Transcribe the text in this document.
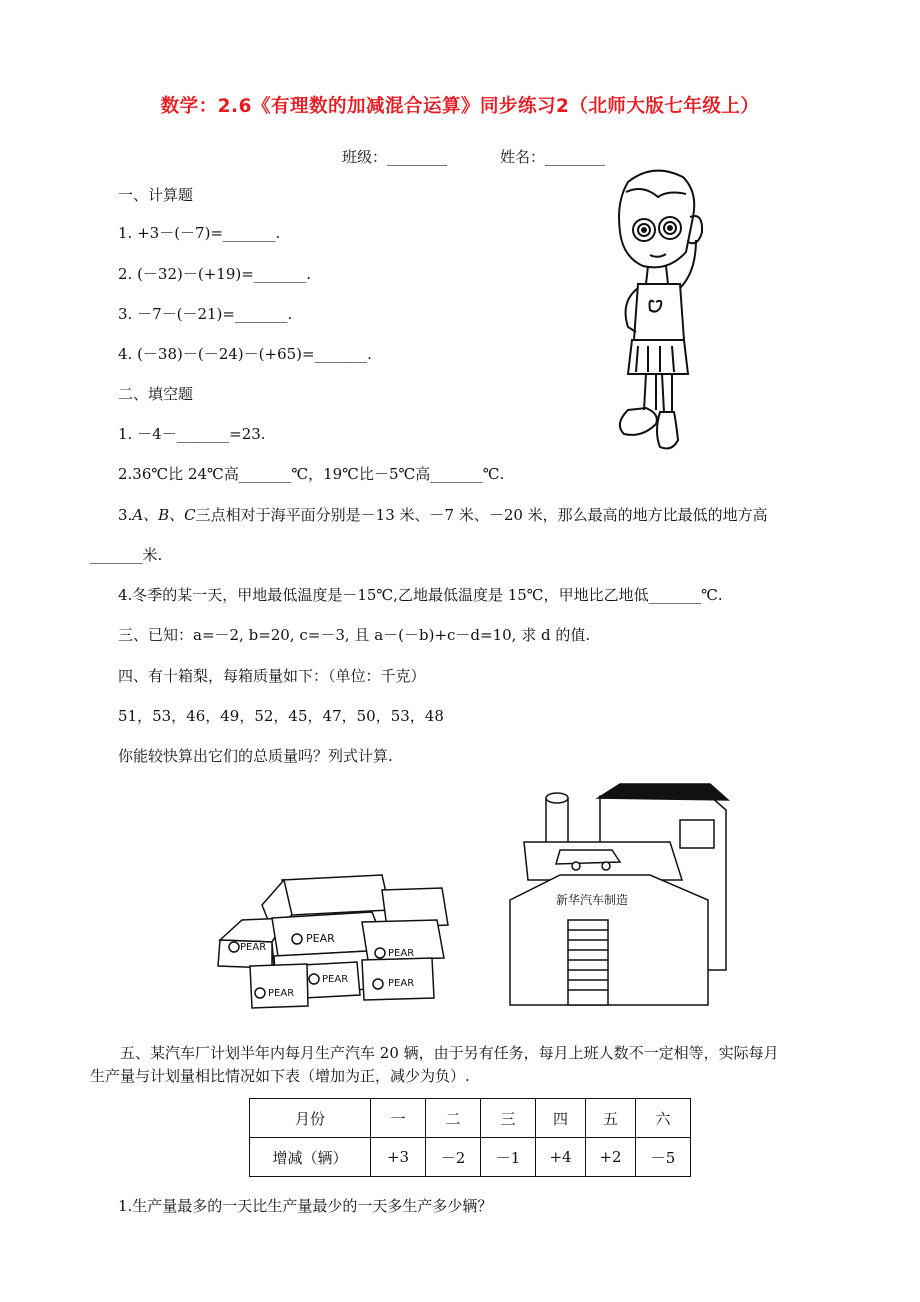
数学：2.6《有理数的加减混合运算》同步练习2（北师大版七年级上）
班级：________	姓名：________
一、计算题
1. +3－(－7)=_______.
2. (－32)－(+19)=_______.
3. －7－(－21)=_______.
4. (－38)－(－24)－(+65)=_______.
二、填空题
1. －4－_______=23.
2.36℃比 24℃高_______℃，19℃比－5℃高_______℃.
3.A、B、C三点相对于海平面分别是－13 米、－7 米、－20 米，那么最高的地方比最低的地方高
_______米.
4.冬季的某一天，甲地最低温度是－15℃,乙地最低温度是 15℃，甲地比乙地低_______℃.
三、已知：a=－2, b=20, c=－3, 且 a－(－b)+c－d=10, 求 d 的值.
四、有十箱梨，每箱质量如下：（单位：千克）
51，53，46，49，52，45，47，50，53，48
你能较快算出它们的总质量吗？列式计算.
PEAR
PEAR
PEAR
PEAR
PEAR
PEAR
新华汽车制造
五、某汽车厂计划半年内每月生产汽车 20 辆，由于另有任务，每月上班人数不一定相等，实际每月
生产量与计划量相比情况如下表（增加为正，减少为负）.
月份	一	二	三	四	五	六
增减（辆）	+3	－2	－1	+4	+2	－5
1.生产量最多的一天比生产量最少的一天多生产多少辆？
